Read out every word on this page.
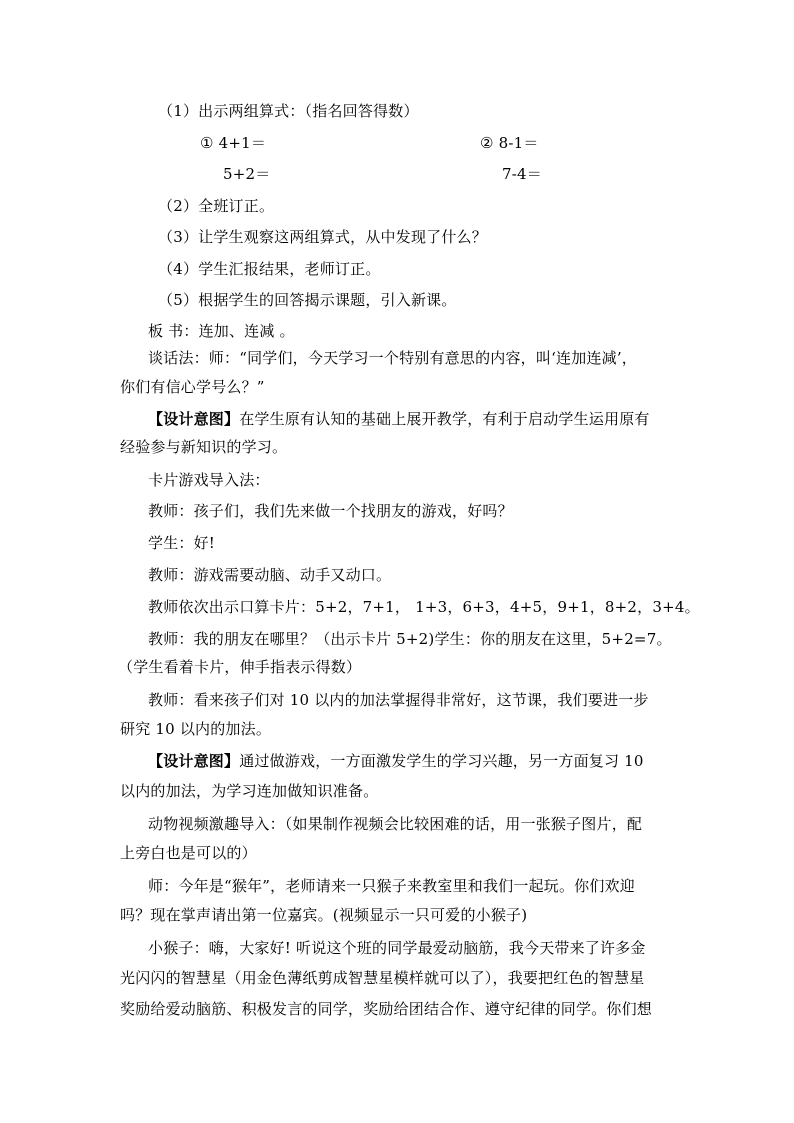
（1）出示两组算式：（指名回答得数）
① 4+1＝	② 8-1＝
5+2＝	7-4＝
（2）全班订正。
（3）让学生观察这两组算式，从中发现了什么？
（4）学生汇报结果，老师订正。
（5）根据学生的回答揭示课题，引入新课。
板 书：连加、连减 。
谈话法：师：“同学们，今天学习一个特别有意思的内容，叫‘连加连减’，
你们有信心学号么？”
【设计意图】在学生原有认知的基础上展开教学，有利于启动学生运用原有
经验参与新知识的学习。
卡片游戏导入法：
教师：孩子们，我们先来做一个找朋友的游戏，好吗？
学生：好!
教师：游戏需要动脑、动手又动口。
教师依次出示口算卡片：5+2，7+1， 1+3，6+3，4+5，9+1，8+2，3+4。
教师：我的朋友在哪里？（出示卡片 5+2)学生：你的朋友在这里，5+2=7。
（学生看着卡片，伸手指表示得数）
教师：看来孩子们对 10 以内的加法掌握得非常好，这节课，我们要进一步
研究 10 以内的加法。
【设计意图】通过做游戏，一方面激发学生的学习兴趣，另一方面复习 10
以内的加法，为学习连加做知识准备。
动物视频激趣导入：（如果制作视频会比较困难的话，用一张猴子图片，配
上旁白也是可以的）
师：今年是“猴年”，老师请来一只猴子来教室里和我们一起玩。你们欢迎
吗？现在掌声请出第一位嘉宾。(视频显示一只可爱的小猴子)
小猴子：嗨，大家好! 听说这个班的同学最爱动脑筋，我今天带来了许多金
光闪闪的智慧星（用金色薄纸剪成智慧星模样就可以了），我要把红色的智慧星
奖励给爱动脑筋、积极发言的同学，奖励给团结合作、遵守纪律的同学。你们想
